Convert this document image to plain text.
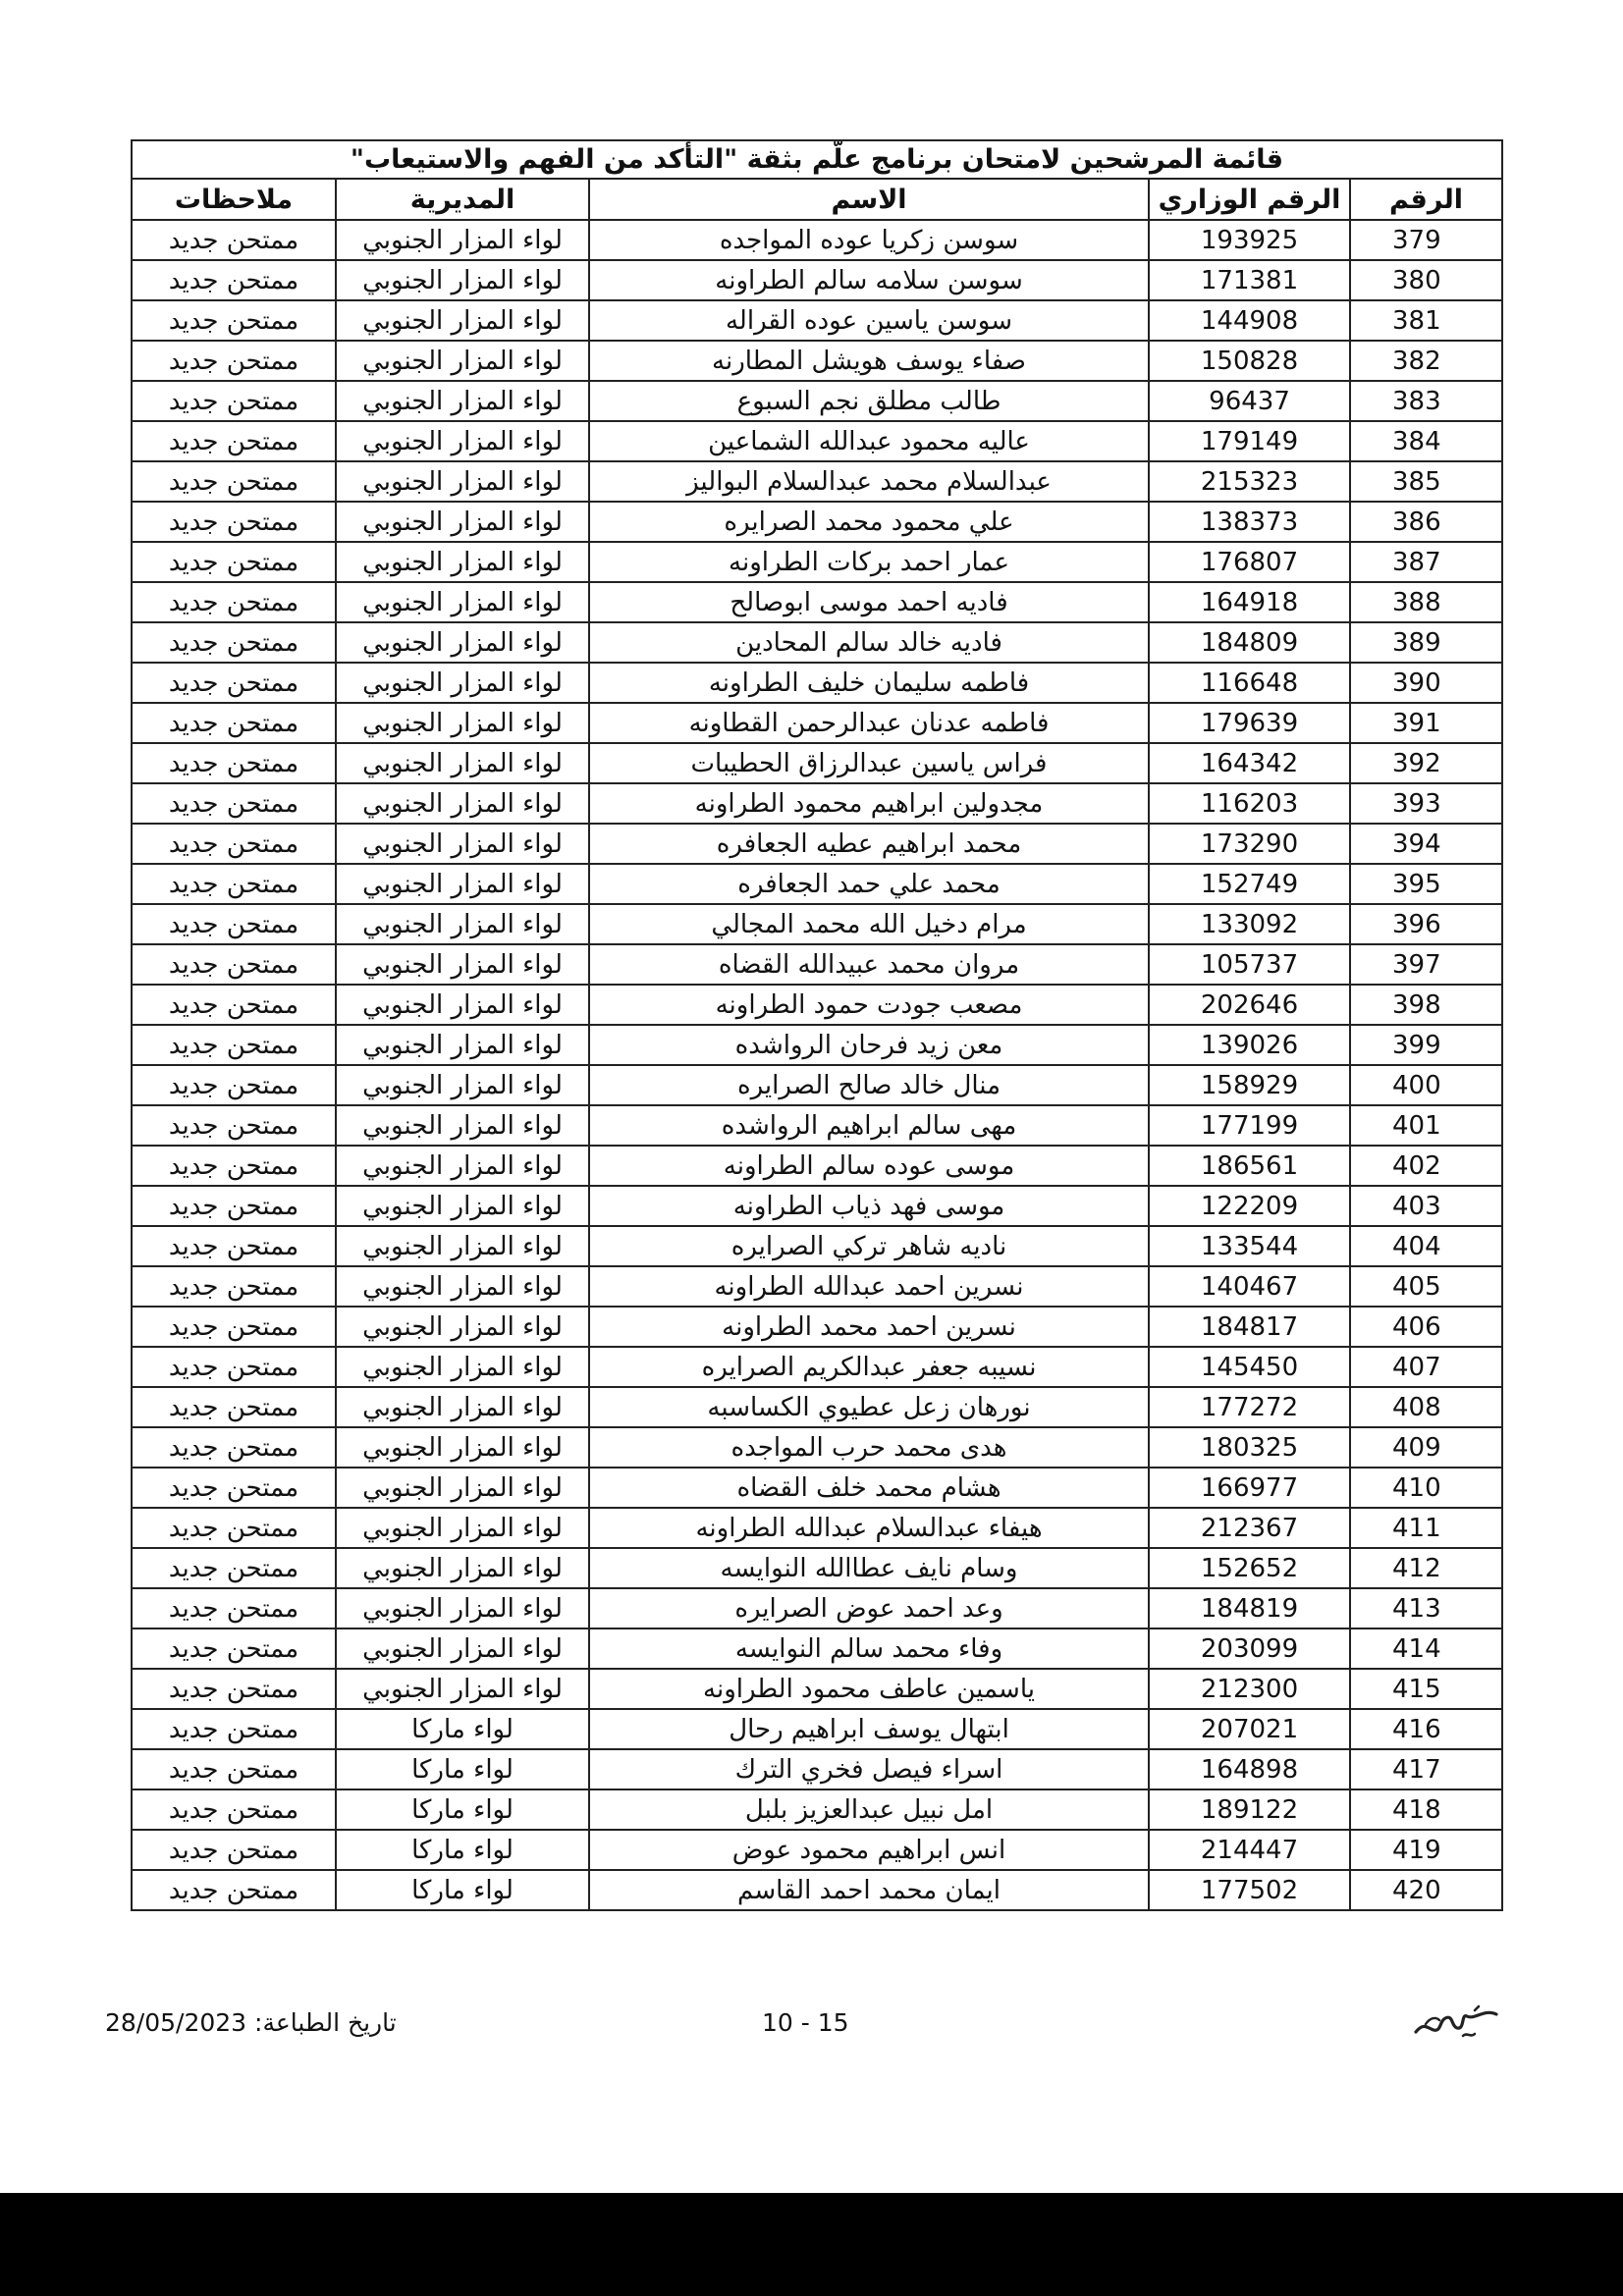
قائمة المرشحين لامتحان برنامج علّم بثقة "التأكد من الفهم والاستيعاب"				
الرقم	الرقم الوزاري	الاسم	المديرية	ملاحظات
379	193925	سوسن زكريا عوده المواجده	لواء المزار الجنوبي	ممتحن جديد
380	171381	سوسن سلامه سالم الطراونه	لواء المزار الجنوبي	ممتحن جديد
381	144908	سوسن ياسين عوده القراله	لواء المزار الجنوبي	ممتحن جديد
382	150828	صفاء يوسف هويشل المطارنه	لواء المزار الجنوبي	ممتحن جديد
383	96437	طالب مطلق نجم السبوع	لواء المزار الجنوبي	ممتحن جديد
384	179149	عاليه محمود عبدالله الشماعين	لواء المزار الجنوبي	ممتحن جديد
385	215323	عبدالسلام محمد عبدالسلام البواليز	لواء المزار الجنوبي	ممتحن جديد
386	138373	علي محمود محمد الصرايره	لواء المزار الجنوبي	ممتحن جديد
387	176807	عمار احمد بركات الطراونه	لواء المزار الجنوبي	ممتحن جديد
388	164918	فاديه احمد موسى ابوصالح	لواء المزار الجنوبي	ممتحن جديد
389	184809	فاديه خالد سالم المحادين	لواء المزار الجنوبي	ممتحن جديد
390	116648	فاطمه سليمان خليف الطراونه	لواء المزار الجنوبي	ممتحن جديد
391	179639	فاطمه عدنان عبدالرحمن القطاونه	لواء المزار الجنوبي	ممتحن جديد
392	164342	فراس ياسين عبدالرزاق الحطيبات	لواء المزار الجنوبي	ممتحن جديد
393	116203	مجدولين ابراهيم محمود الطراونه	لواء المزار الجنوبي	ممتحن جديد
394	173290	محمد ابراهيم عطيه الجعافره	لواء المزار الجنوبي	ممتحن جديد
395	152749	محمد علي حمد الجعافره	لواء المزار الجنوبي	ممتحن جديد
396	133092	مرام دخيل الله محمد المجالي	لواء المزار الجنوبي	ممتحن جديد
397	105737	مروان محمد عبيدالله القضاه	لواء المزار الجنوبي	ممتحن جديد
398	202646	مصعب جودت حمود الطراونه	لواء المزار الجنوبي	ممتحن جديد
399	139026	معن زيد فرحان الرواشده	لواء المزار الجنوبي	ممتحن جديد
400	158929	منال خالد صالح الصرايره	لواء المزار الجنوبي	ممتحن جديد
401	177199	مهى سالم ابراهيم الرواشده	لواء المزار الجنوبي	ممتحن جديد
402	186561	موسى عوده سالم الطراونه	لواء المزار الجنوبي	ممتحن جديد
403	122209	موسى فهد ذياب الطراونه	لواء المزار الجنوبي	ممتحن جديد
404	133544	ناديه شاهر تركي الصرايره	لواء المزار الجنوبي	ممتحن جديد
405	140467	نسرين احمد عبدالله الطراونه	لواء المزار الجنوبي	ممتحن جديد
406	184817	نسرين احمد محمد الطراونه	لواء المزار الجنوبي	ممتحن جديد
407	145450	نسيبه جعفر عبدالكريم الصرايره	لواء المزار الجنوبي	ممتحن جديد
408	177272	نورهان زعل عطيوي الكساسبه	لواء المزار الجنوبي	ممتحن جديد
409	180325	هدى محمد حرب المواجده	لواء المزار الجنوبي	ممتحن جديد
410	166977	هشام محمد خلف القضاه	لواء المزار الجنوبي	ممتحن جديد
411	212367	هيفاء عبدالسلام عبدالله الطراونه	لواء المزار الجنوبي	ممتحن جديد
412	152652	وسام نايف عطاالله النوايسه	لواء المزار الجنوبي	ممتحن جديد
413	184819	وعد احمد عوض الصرايره	لواء المزار الجنوبي	ممتحن جديد
414	203099	وفاء محمد سالم النوايسه	لواء المزار الجنوبي	ممتحن جديد
415	212300	ياسمين عاطف محمود الطراونه	لواء المزار الجنوبي	ممتحن جديد
416	207021	ابتهال يوسف ابراهيم رحال	لواء ماركا	ممتحن جديد
417	164898	اسراء فيصل فخري الترك	لواء ماركا	ممتحن جديد
418	189122	امل نبيل عبدالعزيز بلبل	لواء ماركا	ممتحن جديد
419	214447	انس ابراهيم محمود عوض	لواء ماركا	ممتحن جديد
420	177502	ايمان محمد احمد القاسم	لواء ماركا	ممتحن جديد
تاريخ الطباعة: 28/05/2023	10 - 15
